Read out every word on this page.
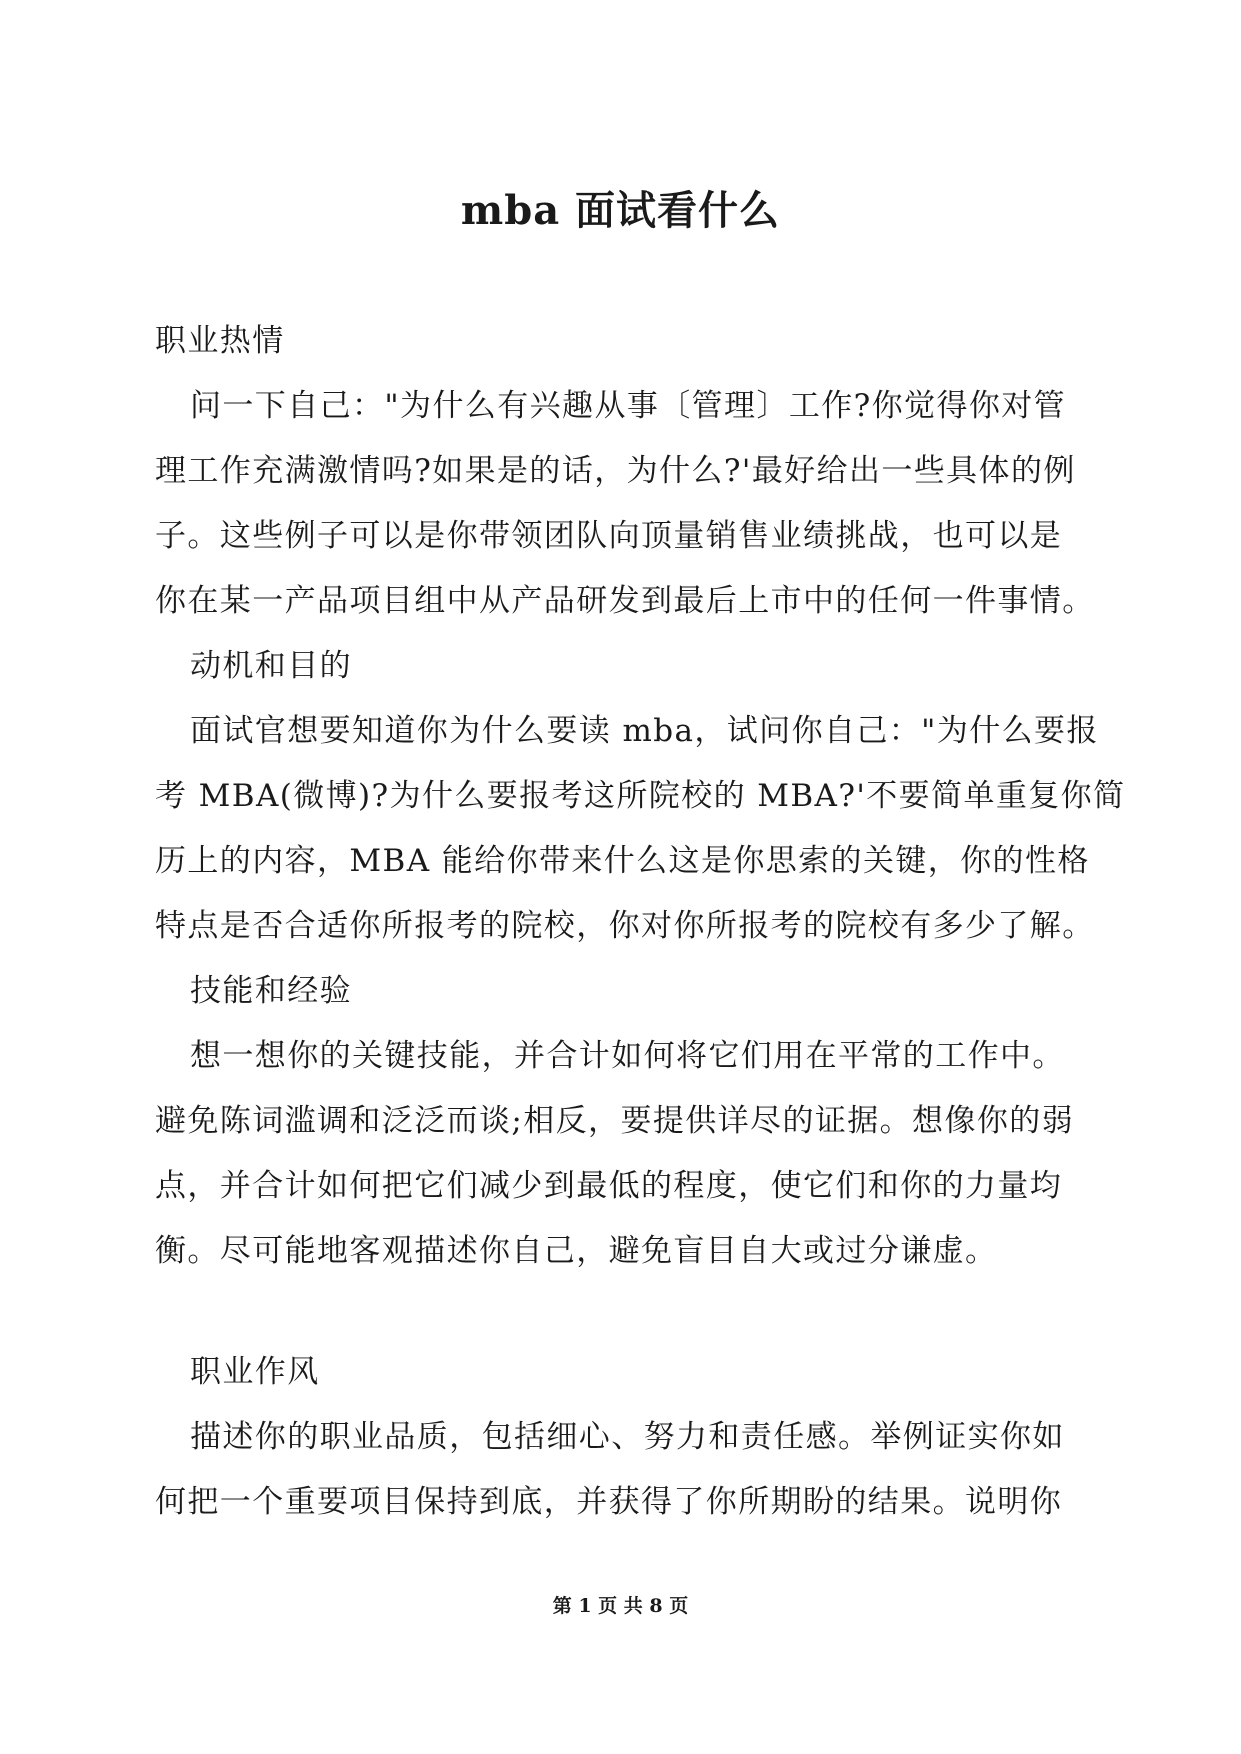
mba 面试看什么
职业热情
问一下自己："为什么有兴趣从事〔管理〕工作?你觉得你对管
理工作充满激情吗?如果是的话，为什么?'最好给出一些具体的例
子。这些例子可以是你带领团队向顶量销售业绩挑战，也可以是
你在某一产品项目组中从产品研发到最后上市中的任何一件事情。
动机和目的
面试官想要知道你为什么要读 mba，试问你自己："为什么要报
考 MBA(微博)?为什么要报考这所院校的 MBA?'不要简单重复你简
历上的内容，MBA 能给你带来什么这是你思索的关键，你的性格
特点是否合适你所报考的院校，你对你所报考的院校有多少了解。
技能和经验
想一想你的关键技能，并合计如何将它们用在平常的工作中。
避免陈词滥调和泛泛而谈;相反，要提供详尽的证据。想像你的弱
点，并合计如何把它们减少到最低的程度，使它们和你的力量均
衡。尽可能地客观描述你自己，避免盲目自大或过分谦虚。
职业作风
描述你的职业品质，包括细心、努力和责任感。举例证实你如
何把一个重要项目保持到底，并获得了你所期盼的结果。说明你
第 1 页 共 8 页
